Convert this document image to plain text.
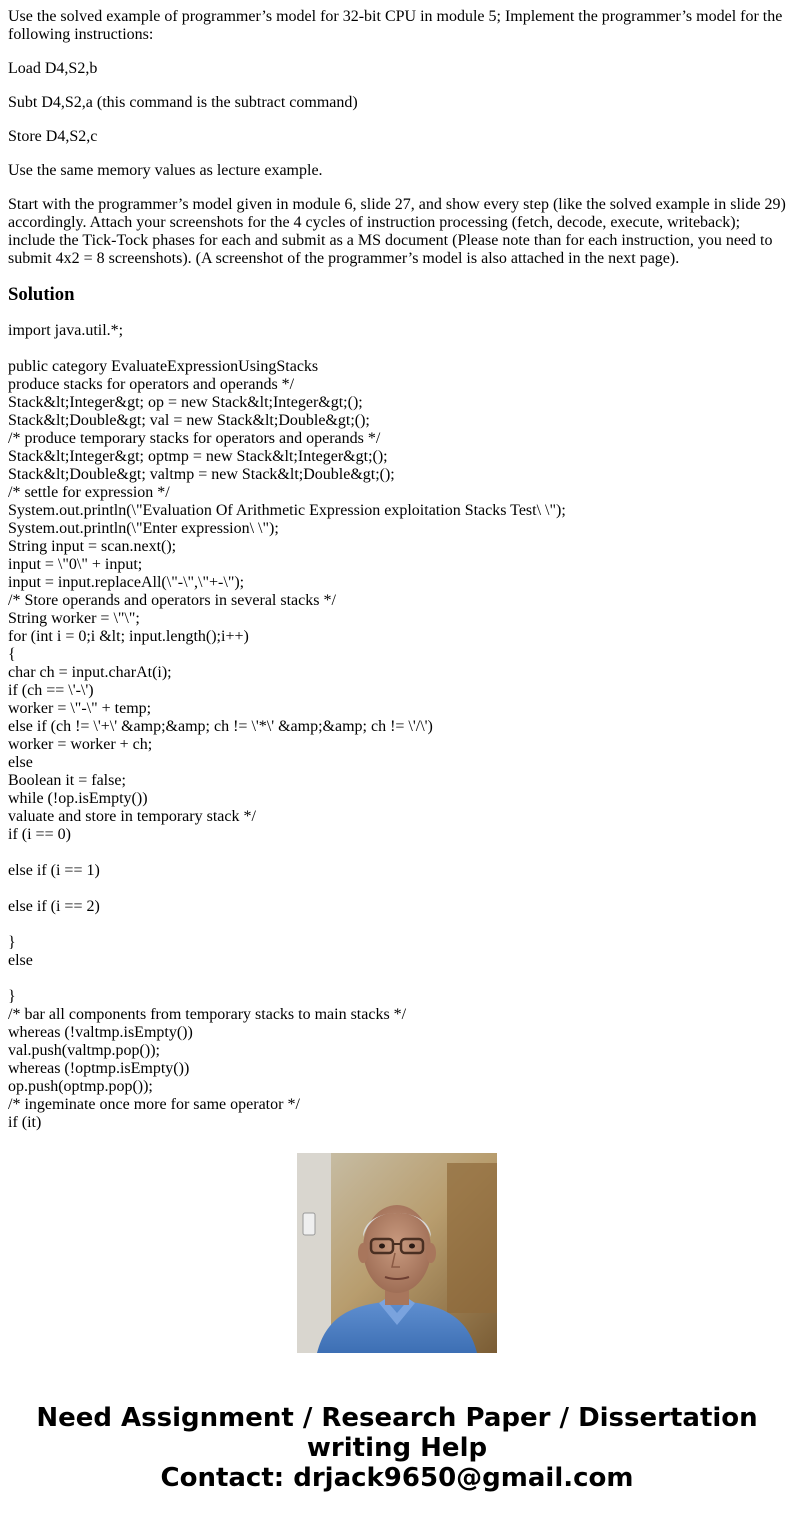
Use the solved example of programmer’s model for 32-bit CPU in module 5; Implement the programmer’s model for the following instructions:

Load D4,S2,b

Subt D4,S2,a (this command is the subtract command)

Store D4,S2,c

Use the same memory values as lecture example.

Start with the programmer’s model given in module 6, slide 27, and show every step (like the solved example in slide 29) accordingly. Attach your screenshots for the 4 cycles of instruction processing (fetch, decode, execute, writeback); include the Tick-Tock phases for each and submit as a MS document (Please note than for each instruction, you need to submit 4x2 = 8 screenshots). (A screenshot of the programmer’s model is also attached in the next page).

Solution
import java.util.*;
public category EvaluateExpressionUsingStacks
produce stacks for operators and operands */
Stack&lt;Integer&gt; op = new Stack&lt;Integer&gt;();
Stack&lt;Double&gt; val = new Stack&lt;Double&gt;();
/* produce temporary stacks for operators and operands */
Stack&lt;Integer&gt; optmp = new Stack&lt;Integer&gt;();
Stack&lt;Double&gt; valtmp = new Stack&lt;Double&gt;();
/* settle for expression */
System.out.println(\"Evaluation Of Arithmetic Expression exploitation Stacks Test\ \");
System.out.println(\"Enter expression\ \");
String input = scan.next();
input = \"0\" + input;
input = input.replaceAll(\"-\",\"+-\");
/* Store operands and operators in several stacks */
String worker = \"\";
for (int i = 0;i &lt; input.length();i++)
{
char ch = input.charAt(i);
if (ch == \'-\')
worker = \"-\" + temp;
else if (ch != \'+\' &amp;&amp; ch != \'*\' &amp;&amp; ch != \'/\')
worker = worker + ch;
else
Boolean it = false;
while (!op.isEmpty())
valuate and store in temporary stack */
if (i == 0)
else if (i == 1)
else if (i == 2)
}
else
}
/* bar all components from temporary stacks to main stacks */
whereas (!valtmp.isEmpty())
val.push(valtmp.pop());
whereas (!optmp.isEmpty())
op.push(optmp.pop());
/* ingeminate once more for same operator */
if (it)
Need Assignment / Research Paper / Dissertation
writing Help
Contact: drjack9650@gmail.com
